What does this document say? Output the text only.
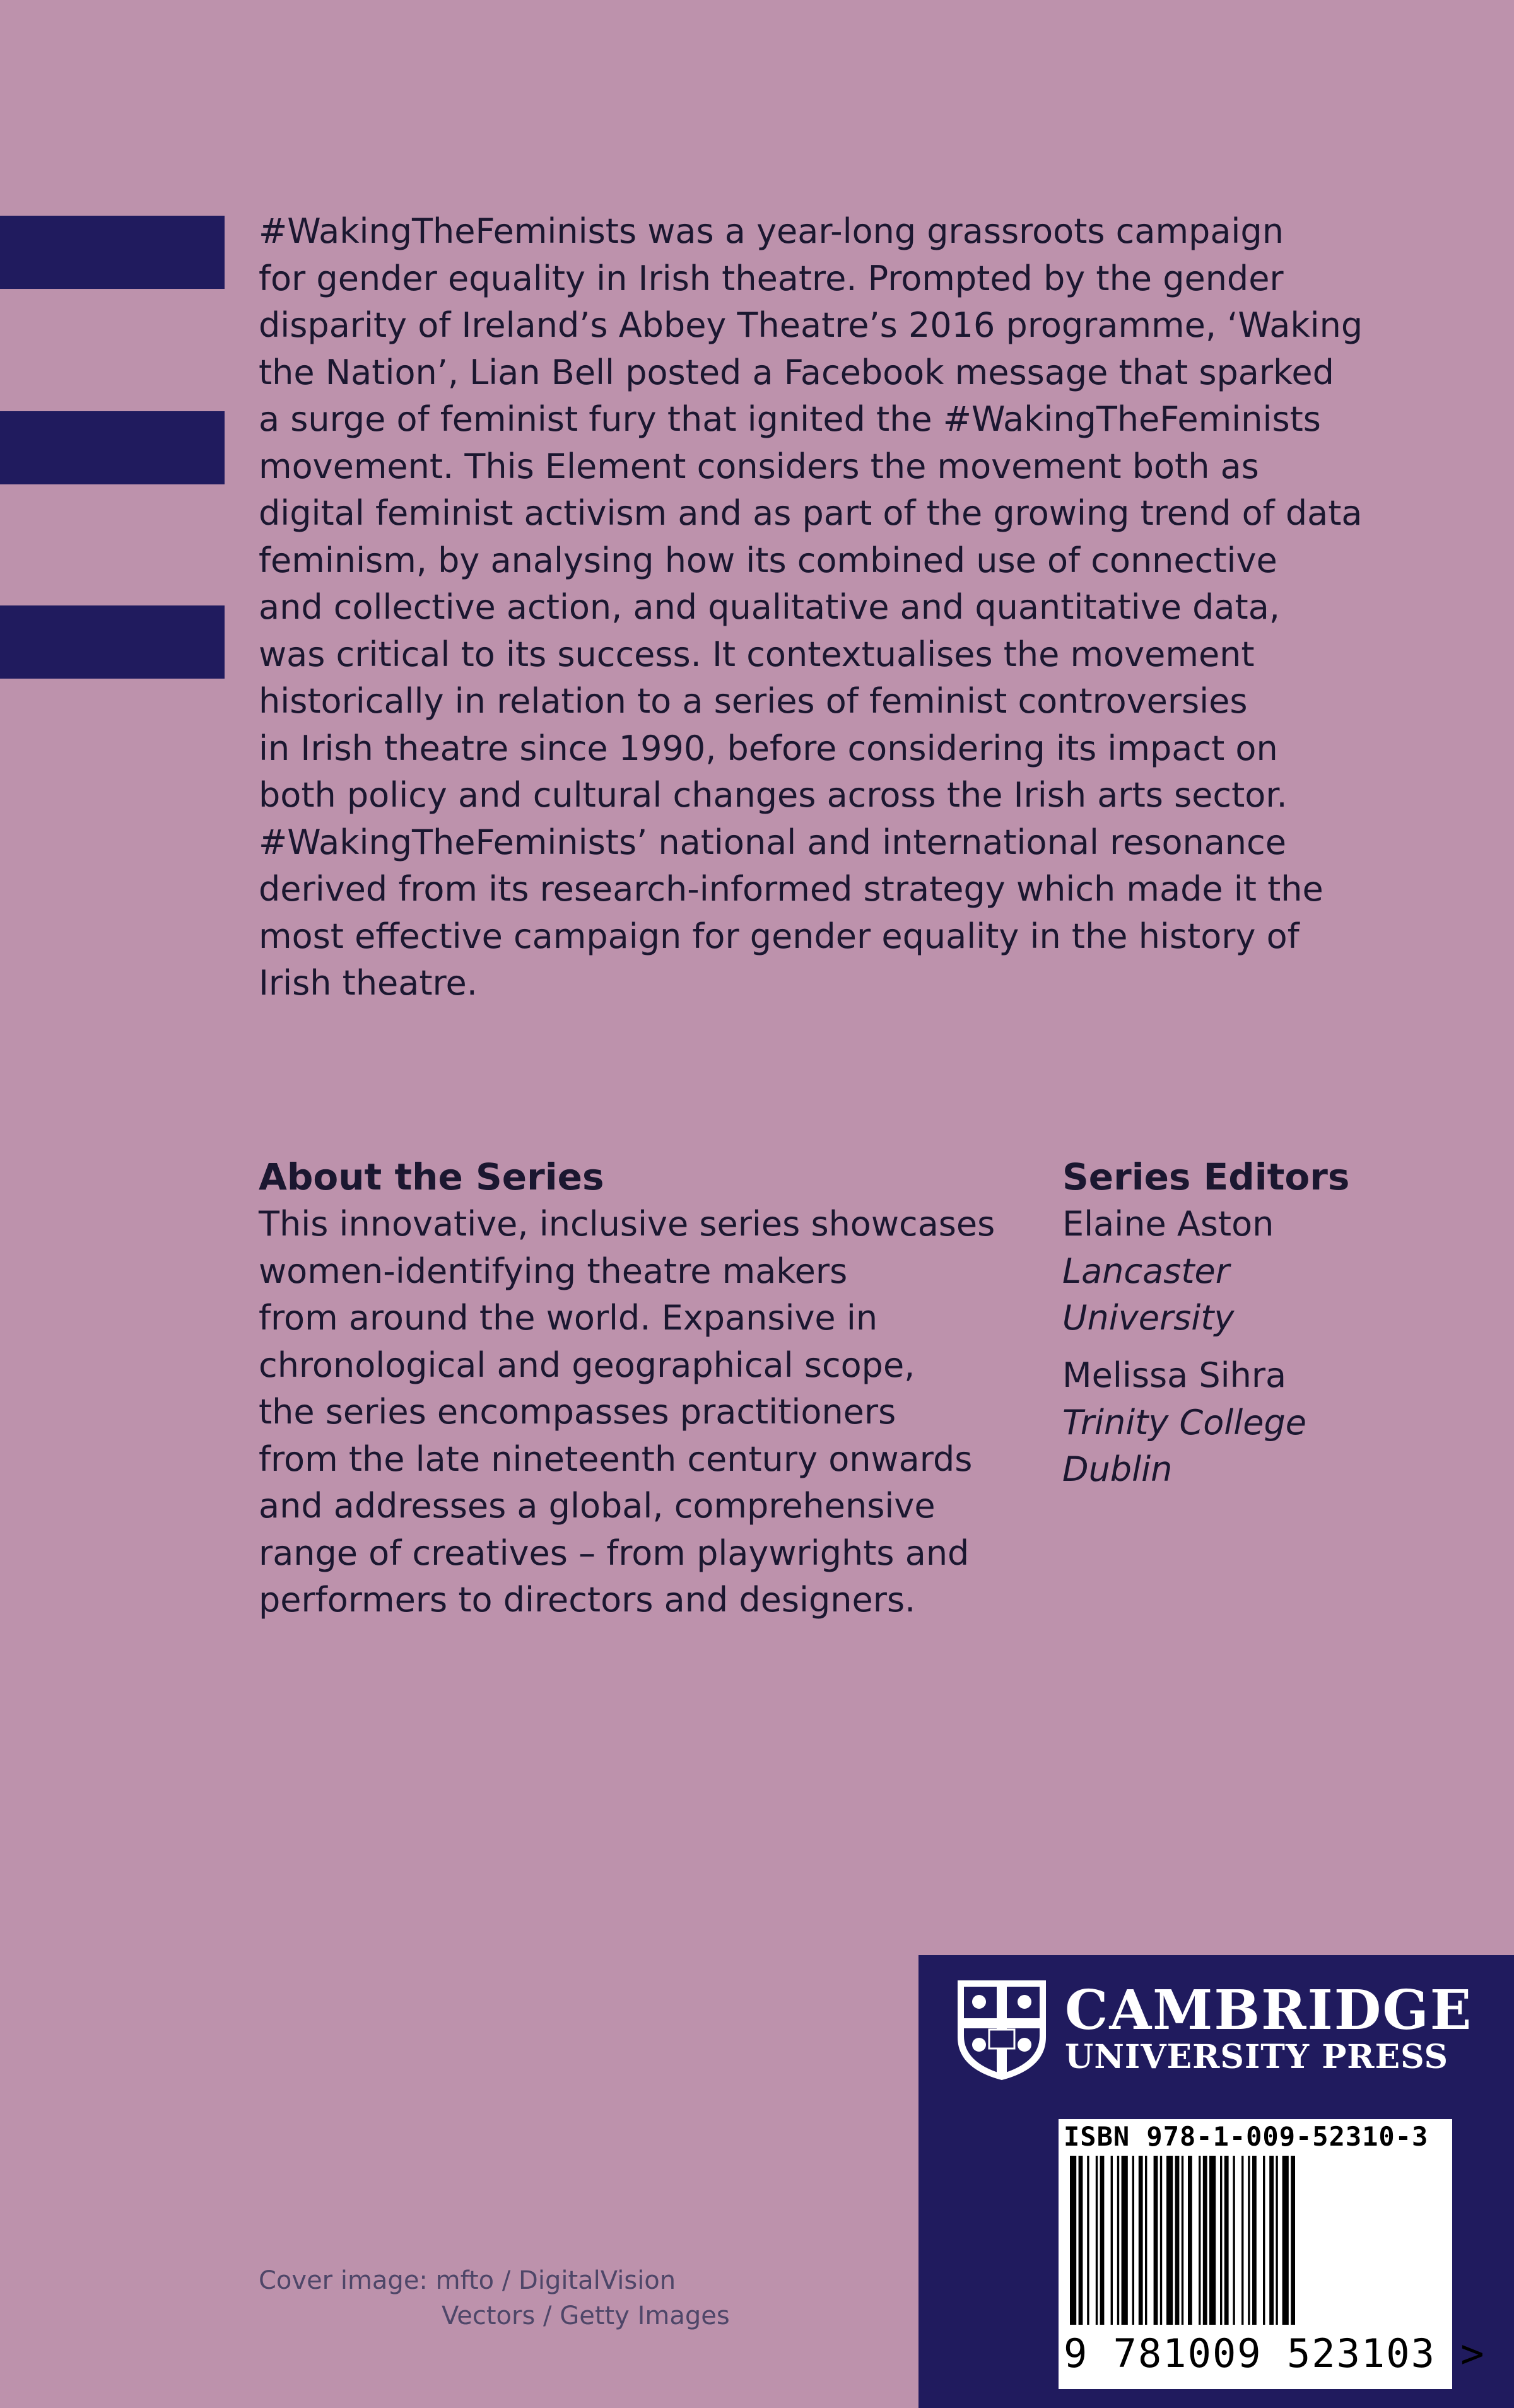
#WakingTheFeminists was a year-long grassroots campaign
for gender equality in Irish theatre. Prompted by the gender
disparity of Ireland’s Abbey Theatre’s 2016 programme, ‘Waking
the Nation’, Lian Bell posted a Facebook message that sparked
a surge of feminist fury that ignited the #WakingTheFeminists
movement. This Element considers the movement both as
digital feminist activism and as part of the growing trend of data
feminism, by analysing how its combined use of connective
and collective action, and qualitative and quantitative data,
was critical to its success. It contextualises the movement
historically in relation to a series of feminist controversies
in Irish theatre since 1990, before considering its impact on
both policy and cultural changes across the Irish arts sector.
#WakingTheFeminists’ national and international resonance
derived from its research-informed strategy which made it the
most effective campaign for gender equality in the history of
Irish theatre.
About the Series
This innovative, inclusive series showcases
women-identifying theatre makers
from around the world. Expansive in
chronological and geographical scope,
the series encompasses practitioners
from the late nineteenth century onwards
and addresses a global, comprehensive
range of creatives – from playwrights and
performers to directors and designers.
Series Editors
Elaine Aston
Lancaster
University
Melissa Sihra
Trinity College
Dublin
Cover image: mfto / DigitalVision
Vectors / Getty Images

CAMBRIDGE

UNIVERSITY PRESS

ISBN 978-1-009-52310-3

9 781009 523103 >
